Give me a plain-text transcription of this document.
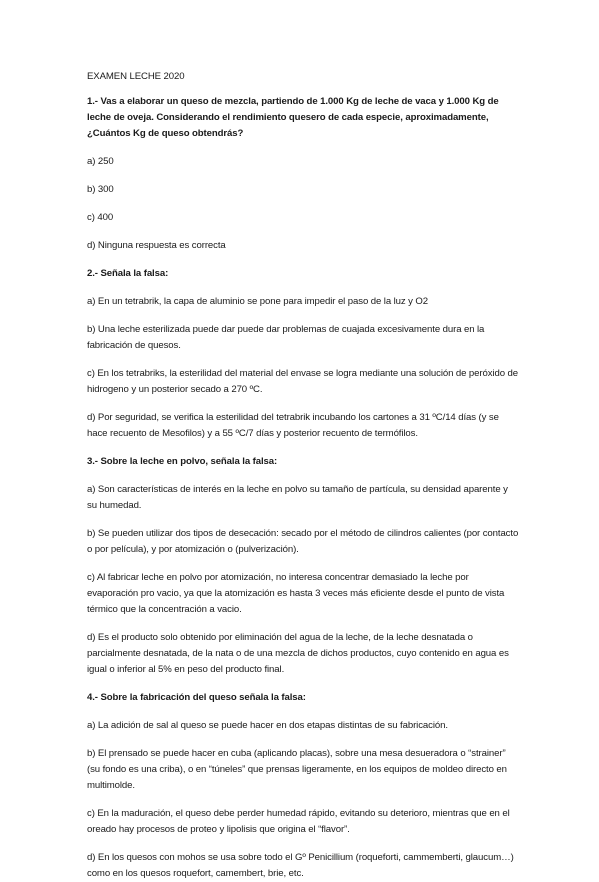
EXAMEN LECHE 2020

1.- Vas a elaborar un queso de mezcla, partiendo de 1.000 Kg de leche de vaca y 1.000 Kg de leche de oveja. Considerando el rendimiento quesero de cada especie, aproximadamente, ¿Cuántos Kg de queso obtendrás?

a) 250

b) 300

c) 400

d) Ninguna respuesta es correcta

2.- Señala la falsa:

a) En un tetrabrik, la capa de aluminio se pone para impedir el paso de la luz y O2

b) Una leche esterilizada puede dar puede dar problemas de cuajada excesivamente dura en la fabricación de quesos.

c) En los tetrabriks, la esterilidad del material del envase se logra mediante una solución de peróxido de hidrogeno y un posterior secado a 270 ºC.

d) Por seguridad, se verifica la esterilidad del tetrabrik incubando los cartones a 31 ºC/14 días (y se hace recuento de Mesofilos) y a 55 ºC/7 días y posterior recuento de termófilos.

3.- Sobre la leche en polvo, señala la falsa:

a) Son características de interés en la leche en polvo su tamaño de partícula, su densidad aparente y su humedad.

b) Se pueden utilizar dos tipos de desecación: secado por el método de cilindros calientes (por contacto o por película), y por atomización o (pulverización).

c) Al fabricar leche en polvo por atomización, no interesa concentrar demasiado la leche por evaporación pro vacio, ya que la atomización es hasta 3 veces más eficiente desde el punto de vista térmico que la concentración a vacio.

d) Es el producto solo obtenido por eliminación del agua de la leche, de la leche desnatada o parcialmente desnatada, de la nata o de una mezcla de dichos productos, cuyo contenido en agua es igual o inferior al 5% en peso del producto final.

4.- Sobre la fabricación del queso señala la falsa:

a) La adición de sal al queso se puede hacer en dos etapas distintas de su fabricación.

b) El prensado se puede hacer en cuba (aplicando placas), sobre una mesa desueradora o “strainer” (su fondo es una criba), o en “túneles” que prensas ligeramente, en los equipos de moldeo directo en multimolde.

c) En la maduración, el queso debe perder humedad rápido, evitando su deterioro, mientras que en el oreado hay procesos de proteo y lipolisis que origina el “flavor”.

d) En los quesos con mohos se usa sobre todo el Gº Penicillium (roqueforti, cammemberti, glaucum…) como en los quesos roquefort, camembert, brie, etc.
